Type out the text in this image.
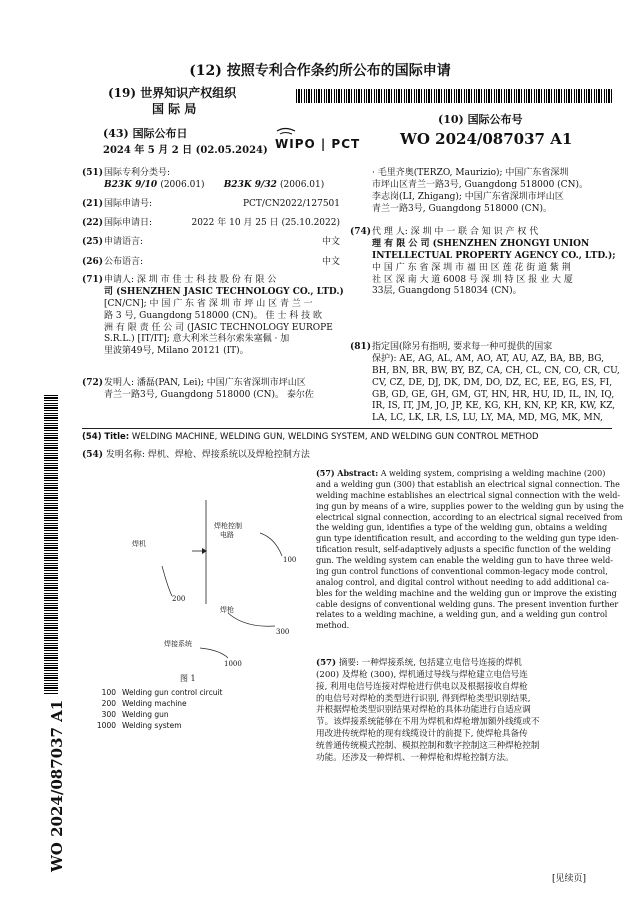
(12) 按照专利合作条约所公布的国际申请
(19) 世界知识产权组织
国 际 局
(43) 国际公布日
2024 年 5 月 2 日 (02.05.2024) WIPO | PCT
(10) 国际公布号
WO 2024/087037 A1
(51) 国际专利分类号:
B23K 9/10 (2006.01) B23K 9/32 (2006.01)
(21) 国际申请号:	PCT/CN2022/127501
(22) 国际申请日:	2022 年 10 月 25 日 (25.10.2022)
(25) 申请语言:	中文
(26) 公布语言:	中文
(71) 申请人: 深 圳 市 佳 士 科 技 股 份 有 限 公
司 (SHENZHEN JASIC TECHNOLOGY CO., LTD.)
[CN/CN]; 中 国 广 东 省 深 圳 市 坪 山 区 青 兰 一
路 3 号, Guangdong 518000 (CN)。 佳 士 科 技 欧
洲 有 限 责 任 公 司 (JASIC TECHNOLOGY EUROPE
S.R.L.) [IT/IT]; 意大利米兰科尔索朱塞佩 · 加
里波第49号, Milano 20121 (IT)。
(72) 发明人: 潘磊(PAN, Lei); 中国广东省深圳市坪山区
青兰一路3号, Guangdong 518000 (CN)。 泰尔佐
· 毛里齐奥(TERZO, Maurizio); 中国广东省深圳
市坪山区青兰一路3号, Guangdong 518000 (CN)。
李志岗(LI, Zhigang); 中国广东省深圳市坪山区
青兰一路3号, Guangdong 518000 (CN)。
(74) 代 理 人: 深 圳 中 一 联 合 知 识 产 权 代
理 有 限 公 司 (SHENZHEN ZHONGYI UNION
INTELLECTUAL PROPERTY AGENCY CO., LTD.);
中 国 广 东 省 深 圳 市 福 田 区 莲 花 街 道 紫 荆
社 区 深 南 大 道 6008 号 深 圳 特 区 报 业 大 厦
33层, Guangdong 518034 (CN)。
(81) 指定国(除另有指明, 要求每一种可提供的国家
保护): AE, AG, AL, AM, AO, AT, AU, AZ, BA, BB, BG,
BH, BN, BR, BW, BY, BZ, CA, CH, CL, CN, CO, CR, CU,
CV, CZ, DE, DJ, DK, DM, DO, DZ, EC, EE, EG, ES, FI,
GB, GD, GE, GH, GM, GT, HN, HR, HU, ID, IL, IN, IQ,
IR, IS, IT, JM, JO, JP, KE, KG, KH, KN, KP, KR, KW, KZ,
LA, LC, LK, LR, LS, LU, LY, MA, MD, MG, MK, MN,
(54) Title: WELDING MACHINE, WELDING GUN, WELDING SYSTEM, AND WELDING GUN CONTROL METHOD
(54) 发明名称: 焊机、焊枪、焊接系统以及焊枪控制方法
焊机
焊枪控制
电路
100
200
焊枪
300
焊接系统
1000
图 1
100 Welding gun control circuit
200 Welding machine
300 Welding gun
1000 Welding system
(57) Abstract: A welding system, comprising a welding machine (200)
and a welding gun (300) that establish an electrical signal connection. The
welding machine establishes an electrical signal connection with the weld-
ing gun by means of a wire, supplies power to the welding gun by using the
electrical signal connection, according to an electrical signal received from
the welding gun, identifies a type of the welding gun, obtains a welding
gun type identification result, and according to the welding gun type iden-
tification result, self-adaptively adjusts a specific function of the welding
gun. The welding system can enable the welding gun to have three weld-
ing gun control functions of conventional common-legacy mode control,
analog control, and digital control without needing to add additional ca-
bles for the welding machine and the welding gun or improve the existing
cable designs of conventional welding guns. The present invention further
relates to a welding machine, a welding gun, and a welding gun control
method.
(57) 摘要: 一种焊接系统, 包括建立电信号连接的焊机
(200) 及焊枪 (300), 焊机通过导线与焊枪建立电信号连
接, 利用电信号连接对焊枪进行供电以及根据接收自焊枪
的电信号对焊枪的类型进行识别, 得到焊枪类型识别结果,
并根据焊枪类型识别结果对焊枪的具体功能进行自适应调
节。该焊接系统能够在不用为焊机和焊枪增加额外线缆或不
用改进传统焊枪的现有线缆设计的前提下, 使焊枪具备传
统普通传统模式控制、模拟控制和数字控制这三种焊枪控制
功能。还涉及一种焊机、一种焊枪和焊枪控制方法。
WO 2024/087037 A1
[见续页]
